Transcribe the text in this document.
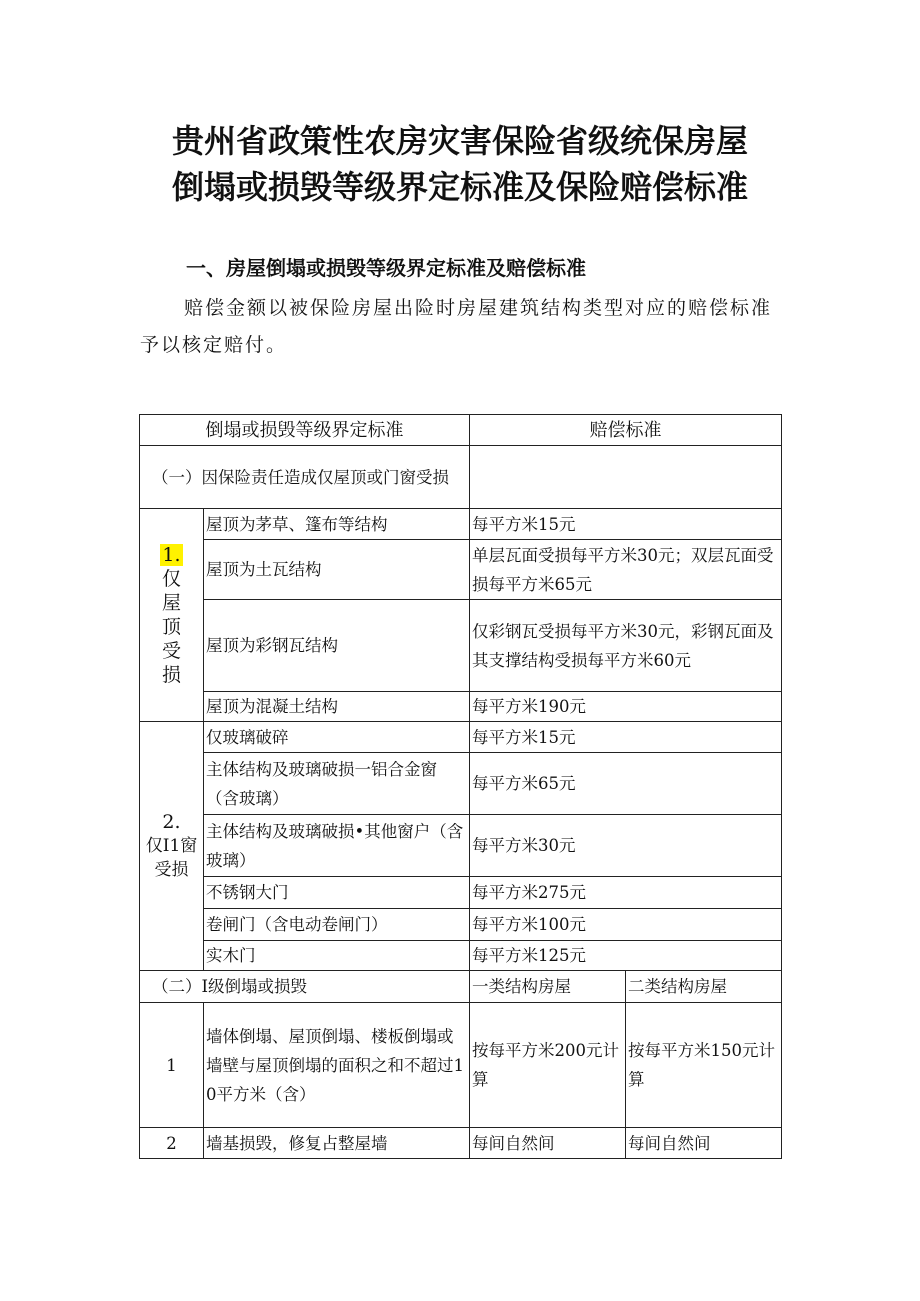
贵州省政策性农房灾害保险省级统保房屋
倒塌或损毁等级界定标准及保险赔偿标准
一、房屋倒塌或损毁等级界定标准及赔偿标准
赔偿金额以被保险房屋出险时房屋建筑结构类型对应的赔偿标准予以核定赔付。
倒塌或损毁等级界定标准		赔偿标准	
（一）因保险责任造成仅屋顶或门窗受损			
1.
仅屋顶受损	屋顶为茅草、篷布等结构	每平方米15元	
	屋顶为土瓦结构	单层瓦面受损每平方米30元；双层瓦面受损每平方米65元	
	屋顶为彩钢瓦结构	仅彩钢瓦受损每平方米30元，彩钢瓦面及其支撑结构受损每平方米60元	
	屋顶为混凝土结构	每平方米190元	
2.
仅I1窗受损	仅玻璃破碎	每平方米15元	
	主体结构及玻璃破损一铝合金窗（含玻璃）	每平方米65元	
	主体结构及玻璃破损•其他窗户（含玻璃）	每平方米30元	
	不锈钢大门	每平方米275元	
	卷闸门（含电动卷闸门）	每平方米100元	
	实木门	每平方米125元	
（二）I级倒塌或损毁		一类结构房屋	二类结构房屋
1	墙体倒塌、屋顶倒塌、楼板倒塌或墙壁与屋顶倒塌的面积之和不超过10平方米（含）	按每平方米200元计算	按每平方米150元计算
2	墙基损毁，修复占整屋墙	每间自然间	每间自然间
